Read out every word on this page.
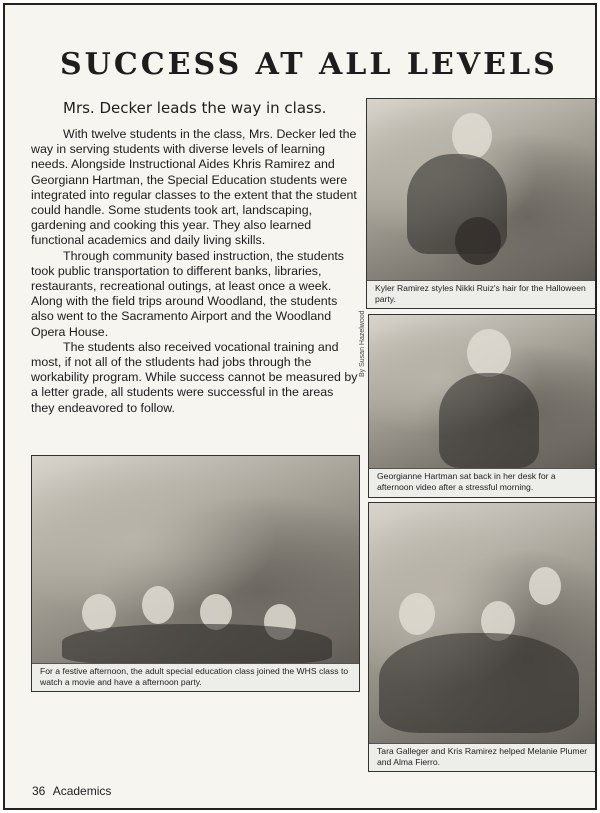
SUCCESS AT ALL LEVELS
Mrs. Decker leads the way in class.

With twelve students in the class, Mrs. Decker led the way in serving students with diverse levels of learning needs. Alongside Instructional Aides Khris Ramirez and Georgiann Hartman, the Special Education students were integrated into regular classes to the extent that the student could handle. Some students took art, landscaping, gardening and cooking this year. They also learned functional academics and daily living skills.

Through community based instruction, the students took public transportation to different banks, libraries, restaurants, recreational outings, at least once a week. Along with the field trips around Woodland, the students also went to the Sacramento Airport and the Woodland Opera House.

The students also received vocational training and most, if not all of the stludents had jobs through the workability program. While success cannot be measured by a letter grade, all students were successful in the areas they endeavored to follow.

Kyler Ramirez styles Nikki Ruiz's hair for the Halloween party.
Georgianne Hartman sat back in her desk for a afternoon video after a stressful morning.
By Susan Hazelwood
For a festive afternoon, the adult special education class joined the WHS class to watch a movie and have a afternoon party.
Tara Galleger and Kris Ramirez helped Melanie Plumer and Alma Fierro.
36 Academics
